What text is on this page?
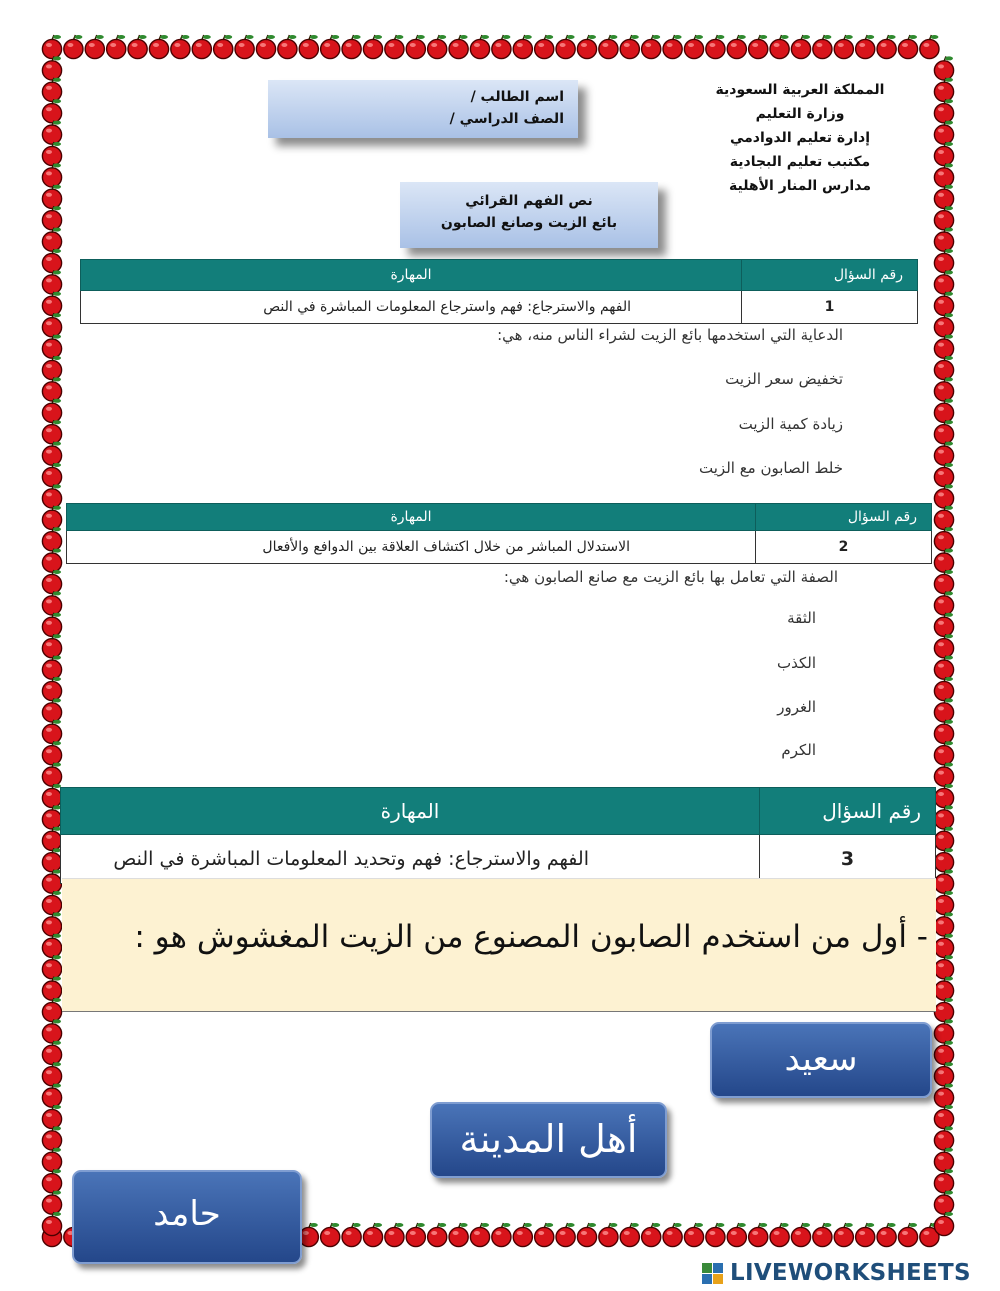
المملكة العربية السعودية
وزارة التعليم
إدارة تعليم الدوادمي
مكتبب تعليم البجادية
مدارس المنار الأهلية
اسم الطالب /
الصف الدراسي /
نص الفهم القرائي
بائع الزيت وصانع الصابون
رقم السؤال	المهارة
1	الفهم والاسترجاع: فهم واسترجاع المعلومات المباشرة في النص
الدعاية التي استخدمها بائع الزيت لشراء الناس منه، هي:
تخفيض سعر الزيت
زيادة كمية الزيت
خلط الصابون مع الزيت
رقم السؤال	المهارة
2	الاستدلال المباشر من خلال اكتشاف العلاقة بين الدوافع والأفعال
الصفة التي تعامل بها بائع الزيت مع صانع الصابون هي:
الثقة
الكذب
الغرور
الكرم
رقم السؤال	المهارة
3	الفهم والاسترجاع: فهم وتحديد المعلومات المباشرة في النص
- أول من استخدم الصابون المصنوع من الزيت المغشوش هو :
سعيد
أهل المدينة
حامد
LIVEWORKSHEETS
